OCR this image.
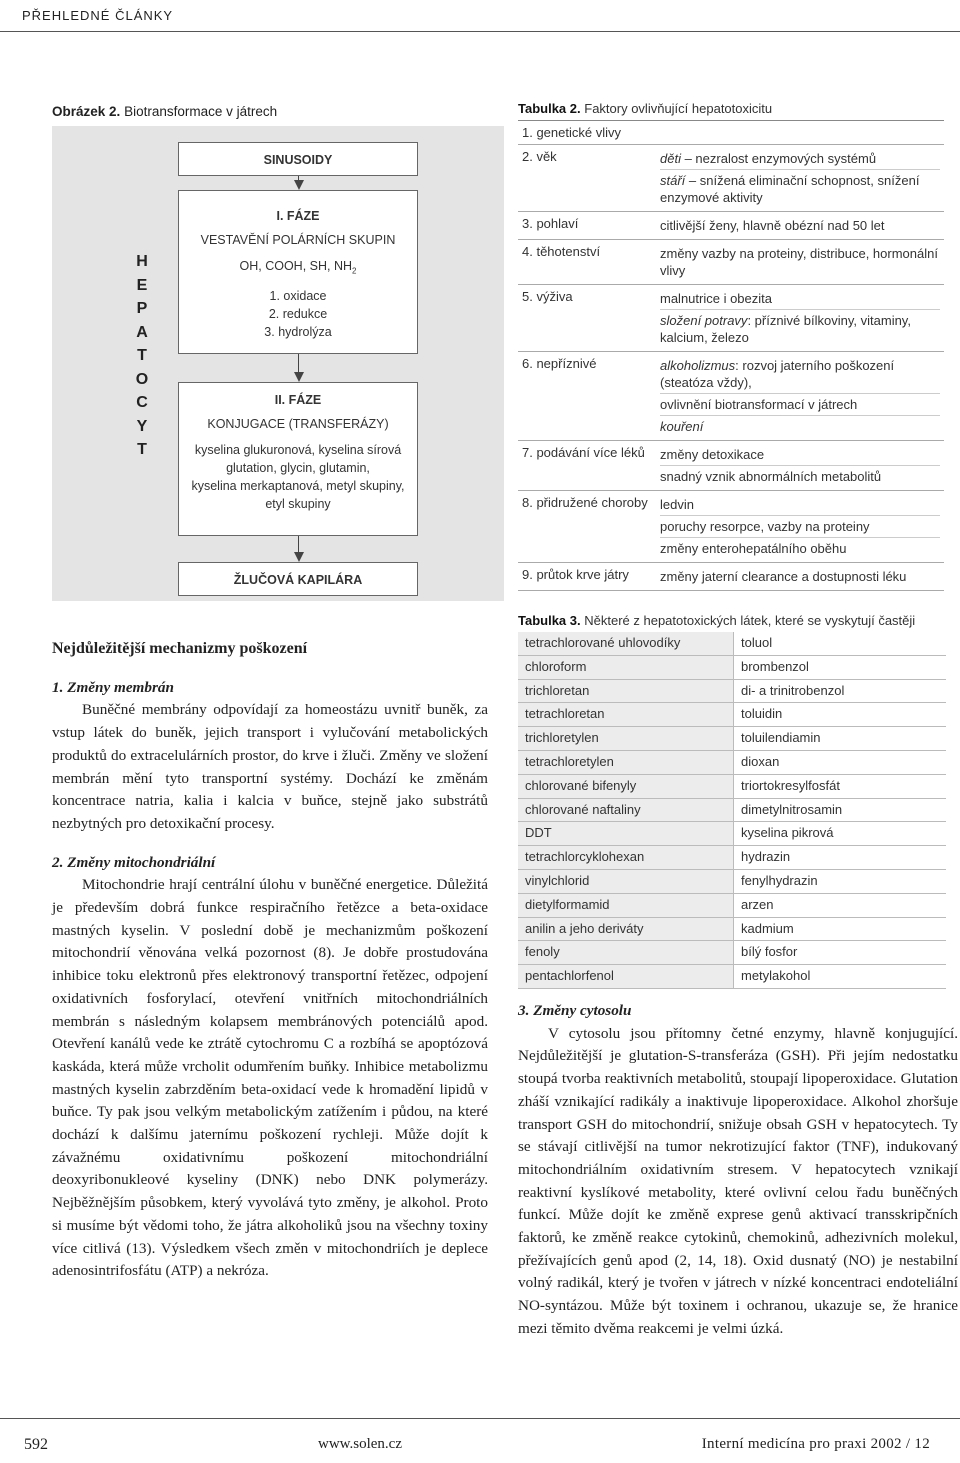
PŘEHLEDNÉ ČLÁNKY
Obrázek 2. Biotransformace v játrech
H
E
P
A
T
O
C
Y
T
SINUSOIDY

I. FÁZE

VESTAVĚNÍ POLÁRNÍCH SKUPIN

OH, COOH, SH, $NH_2$

1. oxidace

2. redukce

3. hydrolýza

II. FÁZE

KONJUGACE (TRANSFERÁZY)

kyselina glukuronová, kyselina sírová

glutation, glycin, glutamin,

kyselina merkaptanová, metyl skupiny,

etyl skupiny

ŽLUČOVÁ KAPILÁRA
Tabulka 2. Faktory ovlivňující hepatotoxicitu
1. genetické vlivy
2. věk	děti – nezralost enzymových systémů
stáří – snížená eliminační schopnost, snížení enzymové aktivity
3. pohlaví	citlivější ženy, hlavně obézní nad 50 let
4. těhotenství	změny vazby na proteiny, distribuce, hormonální vlivy
5. výživa	malnutrice i obezita
složení potravy: příznivé bílkoviny, vitaminy, kalcium, železo
6. nepříznivé	alkoholizmus: rozvoj jaterního poškození (steatóza vždy),
ovlivnění biotransformací v játrech
kouření
7. podávání více léků	změny detoxikace
snadný vznik abnormálních metabolitů
8. přidružené choroby ledvin
poruchy resorpce, vazby na proteiny
změny enterohepatálního oběhu
9. průtok krve játry	změny jaterní clearance a dostupnosti léku
Tabulka 3. Některé z hepatotoxických látek, které se vyskytují častěji
tetrachlorované uhlovodíky	toluol
chloroform	brombenzol
trichloretan	di- a trinitrobenzol
tetrachloretan	toluidin
trichloretylen	toluilendiamin
tetrachloretylen	dioxan
chlorované bifenyly	triortokresylfosfát
chlorované naftaliny	dimetylnitrosamin
DDT	kyselina pikrová
tetrachlorcyklohexan	hydrazin
vinylchlorid	fenylhydrazin
dietylformamid	arzen
anilin a jeho deriváty	kadmium
fenoly	bílý fosfor
pentachlorfenol	metylakohol
Nejdůležitější mechanizmy poškození
1. Změny membrán

Buněčné membrány odpovídají za homeostázu uvnitř buněk, za vstup látek do buněk, jejich transport i vylučování metabolických produktů do extracelulárních prostor, do krve i žluči. Změny ve složení membrán mění tyto transportní systémy. Dochází ke změnám koncentrace natria, kalia i kalcia v buňce, stejně jako substrátů nezbytných pro detoxikační procesy.

2. Změny mitochondriální

Mitochondrie hrají centrální úlohu v buněčné energetice. Důležitá je především dobrá funkce respiračního řetězce a beta-oxidace mastných kyselin. V poslední době je mechanizmům poškození mitochondrií věnována velká pozornost (8). Je dobře prostudována inhibice toku elektronů přes elektronový transportní řetězec, odpojení oxidativních fosforylací, otevření vnitřních mitochondriálních membrán s následným kolapsem membránových potenciálů apod. Otevření kanálů vede ke ztrátě cytochromu C a rozbíhá se apoptózová kaskáda, která může vrcholit odumřením buňky. Inhibice metabolizmu mastných kyselin zabrzděním beta-oxidací vede k hromadění lipidů v buňce. Ty pak jsou velkým metabolickým zatížením i půdou, na které dochází k dalšímu jaternímu poškození rychleji. Může dojít k závažnému oxidativnímu poškození mitochondriální deoxyribonukleové kyseliny (DNK) nebo DNK polymerázy. Nejběžnějším působkem, který vyvolává tyto změny, je alkohol. Proto si musíme být vědomi toho, že játra alkoholiků jsou na všechny toxiny více citlivá (13). Výsledkem všech změn v mitochondriích je deplece adenosintrifosfátu (ATP) a nekróza.

3. Změny cytosolu

V cytosolu jsou přítomny četné enzymy, hlavně konjugující. Nejdůležitější je glutation-S-transferáza (GSH). Při jejím nedostatku stoupá tvorba reaktivních metabolitů, stoupají lipoperoxidace. Glutation zháší vznikající radikály a inaktivuje lipoperoxidace. Alkohol zhoršuje transport GSH do mitochondrií, snižuje obsah GSH v hepatocytech. Ty se stávají citlivější na tumor nekrotizující faktor (TNF), indukovaný mitochondriálním oxidativním stresem. V hepatocytech vznikají reaktivní kyslíkové metabolity, které ovlivní celou řadu buněčných funkcí. Může dojít ke změně exprese genů aktivací transskripčních faktorů, ke změně reakce cytokinů, chemokinů, adhezivních molekul, přežívajících genů apod (2, 14, 18). Oxid dusnatý (NO) je nestabilní volný radikál, který je tvořen v játrech v nízké koncentraci endoteliální NO-syntázou. Může být toxinem i ochranou, ukazuje se, že hranice mezi těmito dvěma reakcemi je velmi úzká.

592	www.solen.cz	Interní medicína pro praxi 2002 / 12
